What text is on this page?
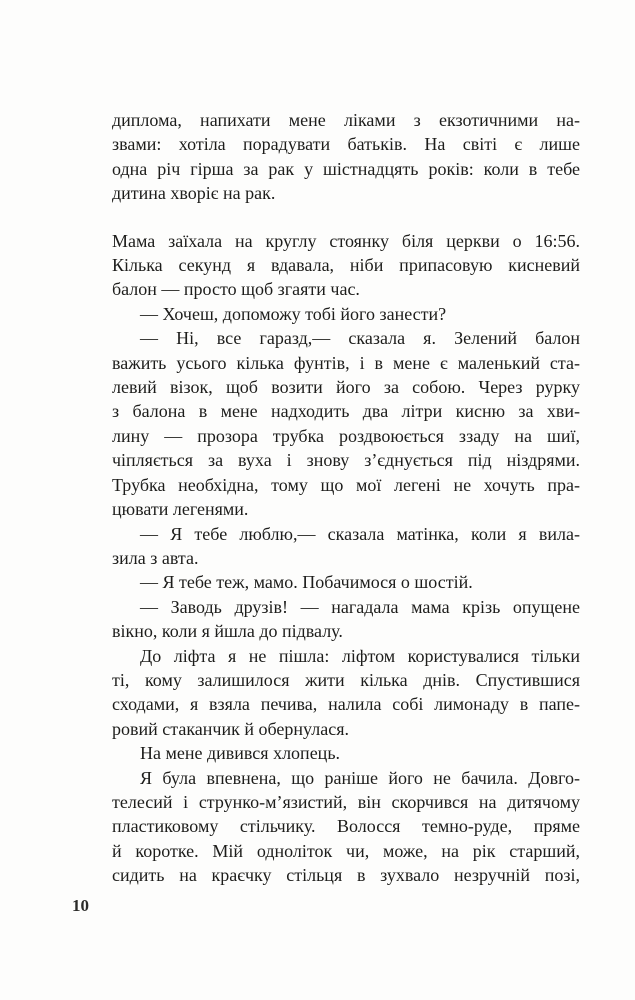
диплома, напихати мене ліками з екзотичними на-
звами: хотіла порадувати батьків. На світі є лише
одна річ гірша за рак у шістнадцять років: коли в тебе
дитина хворіє на рак.
Мама заїхала на круглу стоянку біля церкви о 16:56.
Кілька секунд я вдавала, ніби припасовую кисневий
балон — просто щоб згаяти час.
— Хочеш, допоможу тобі його занести?
— Ні, все гаразд,— сказала я. Зелений балон
важить усього кілька фунтів, і в мене є маленький ста-
левий візок, щоб возити його за собою. Через рурку
з балона в мене надходить два літри кисню за хви-
лину — прозора трубка роздвоюється ззаду на шиї,
чіпляється за вуха і знову з’єднується під ніздрями.
Трубка необхідна, тому що мої легені не хочуть пра-
цювати легенями.
— Я тебе люблю,— сказала матінка, коли я вила-
зила з авта.
— Я тебе теж, мамо. Побачимося о шостій.
— Заводь друзів! — нагадала мама крізь опущене
вікно, коли я йшла до підвалу.
До ліфта я не пішла: ліфтом користувалися тільки
ті, кому залишилося жити кілька днів. Спустившися
сходами, я взяла печива, налила собі лимонаду в папе-
ровий стаканчик й обернулася.
На мене дивився хлопець.
Я була впевнена, що раніше його не бачила. Довго-
телесий і струнко-м’язистий, він скорчився на дитячому
пластиковому стільчику. Волосся темно-руде, пряме
й коротке. Мій одноліток чи, може, на рік старший,
сидить на краєчку стільця в зухвало незручній позі,
10
